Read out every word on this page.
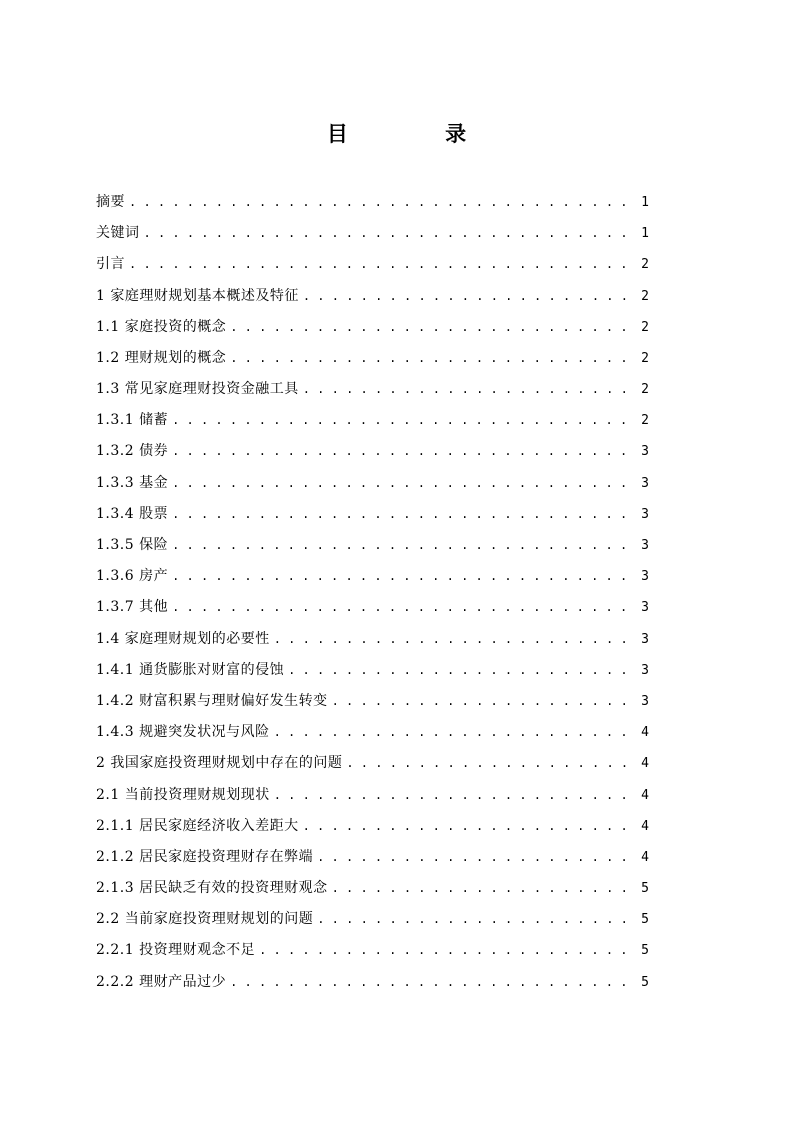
目 录
摘要 . . .	1
关键词 . . .	1
引言 . . .	2
1 家庭理财规划基本概述及特征 . . .	2
1.1 家庭投资的概念 . . .	2
1.2 理财规划的概念 . . .	2
1.3 常见家庭理财投资金融工具 . . .	2
1.3.1 储蓄 . . .	2
1.3.2 债券 . . .	3
1.3.3 基金 . . .	3
1.3.4 股票 . . .	3
1.3.5 保险 . . .	3
1.3.6 房产 . . .	3
1.3.7 其他 . . .	3
1.4 家庭理财规划的必要性 . . .	3
1.4.1 通货膨胀对财富的侵蚀 . . .	3
1.4.2 财富积累与理财偏好发生转变 . . .	3
1.4.3 规避突发状况与风险 . . .	4
2 我国家庭投资理财规划中存在的问题 . . .	4
2.1 当前投资理财规划现状 . . .	4
2.1.1 居民家庭经济收入差距大 . . .	4
2.1.2 居民家庭投资理财存在弊端 . . .	4
2.1.3 居民缺乏有效的投资理财观念 . . .	5
2.2 当前家庭投资理财规划的问题 . . .	5
2.2.1 投资理财观念不足 . . .	5
2.2.2 理财产品过少 . . .	5
